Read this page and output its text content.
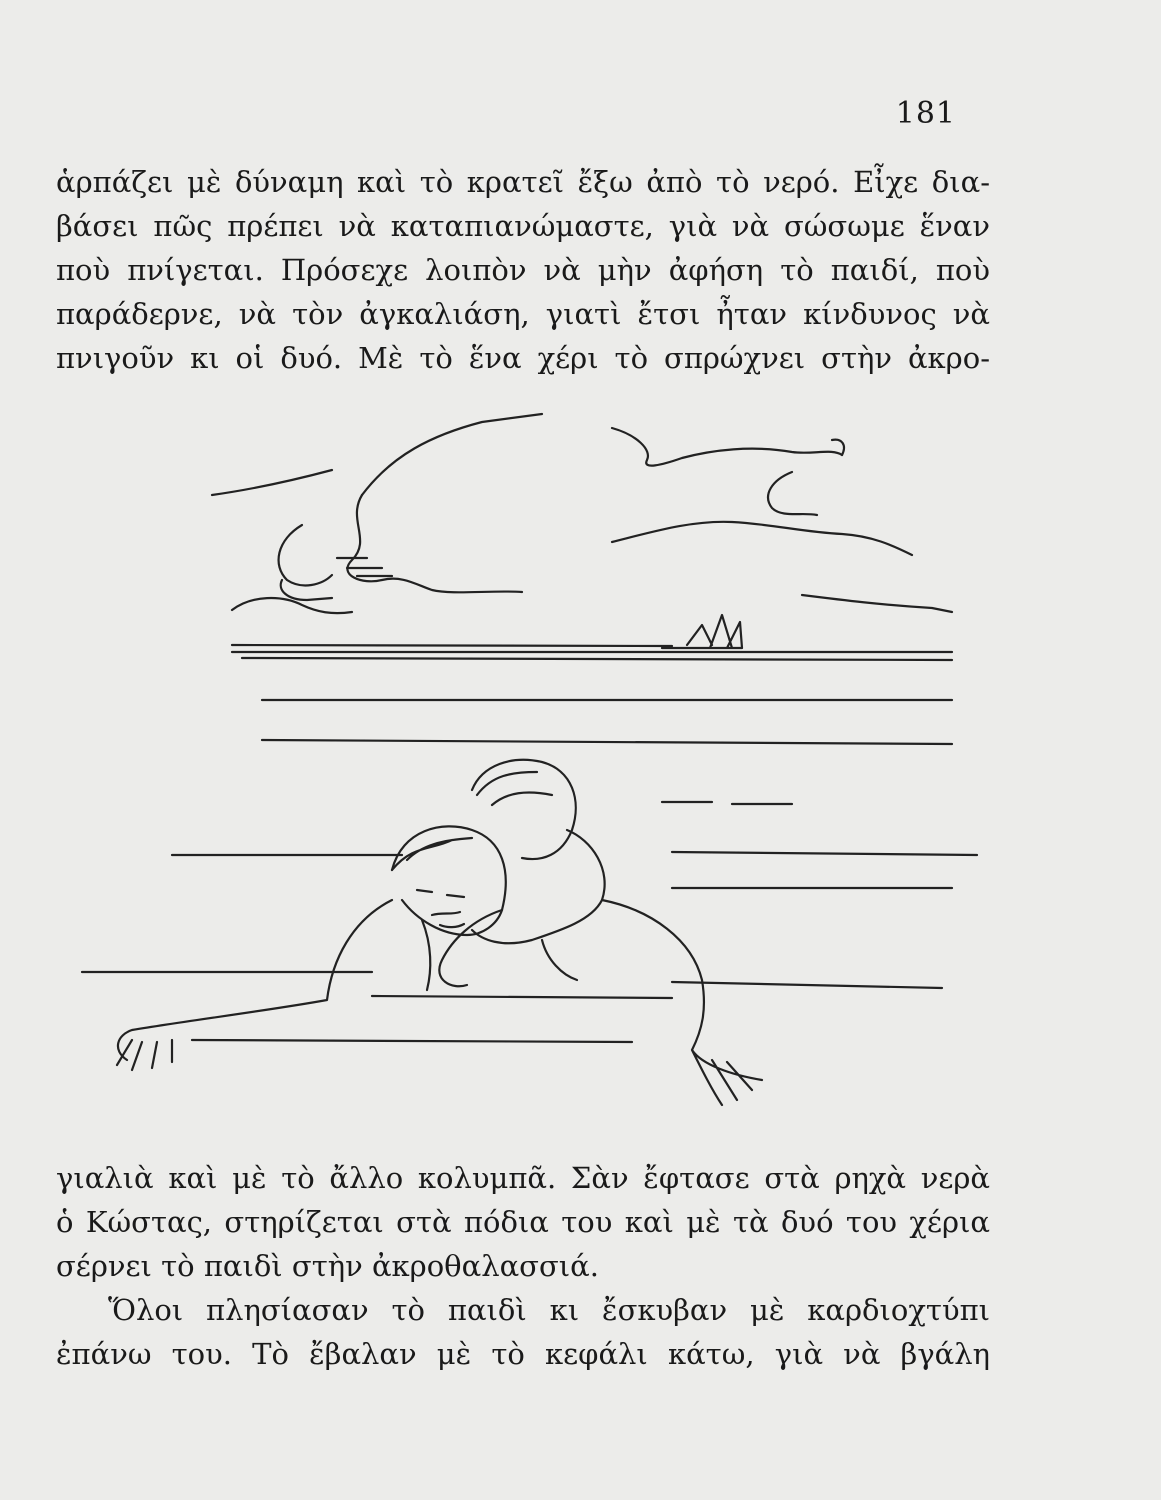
181
ἁρπάζει μὲ δύναμη καὶ τὸ κρατεῖ ἔξω ἀπὸ τὸ νερό. Εἶχε δια-
βάσει πῶς πρέπει νὰ καταπιανώμαστε, γιὰ νὰ σώσωμε ἕναν
ποὺ πνίγεται. Πρόσεχε λοιπὸν νὰ μὴν ἀφήση τὸ παιδί, ποὺ
παράδερνε, νὰ τὸν ἀγκαλιάση, γιατὶ ἔτσι ἦταν κίνδυνος νὰ
πνιγοῦν κι οἱ δυό. Μὲ τὸ ἕνα χέρι τὸ σπρώχνει στὴν ἀκρο-
γιαλιὰ καὶ μὲ τὸ ἄλλο κολυμπᾶ. Σὰν ἔφτασε στὰ ρηχὰ νερὰ
ὁ Κώστας, στηρίζεται στὰ πόδια του καὶ μὲ τὰ δυό του χέρια
σέρνει τὸ παιδὶ στὴν ἀκροθαλασσιά.
Ὅλοι πλησίασαν τὸ παιδὶ κι ἔσκυβαν μὲ καρδιοχτύπι
ἐπάνω του. Τὸ ἔβαλαν μὲ τὸ κεφάλι κάτω, γιὰ νὰ βγάλη
